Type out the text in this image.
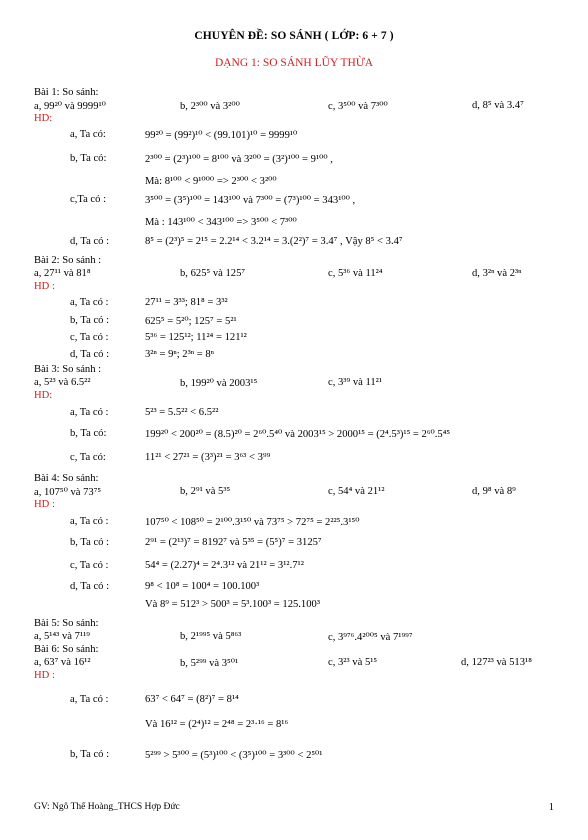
CHUYÊN ĐỀ: SO SÁNH ( LỚP: 6 + 7 )
DẠNG 1: SO SÁNH LŨY THỪA
Bài 1: So sánh:
a, 99²⁰ và 9999¹⁰	b, 2³⁰⁰ và 3²⁰⁰	c, 3⁵⁰⁰ và 7³⁰⁰	d, 8⁵ và 3.4⁷
HD:
a, Ta có:	99²⁰ = (99²)¹⁰ < (99.101)¹⁰ = 9999¹⁰
b, Ta có:	2³⁰⁰ = (2³)¹⁰⁰ = 8¹⁰⁰ và 3²⁰⁰ = (3²)¹⁰⁰ = 9¹⁰⁰ ,
Mà: 8¹⁰⁰ < 9¹⁰⁰⁰ => 2³⁰⁰ < 3²⁰⁰
c,Ta có :	3⁵⁰⁰ = (3⁵)¹⁰⁰ = 143¹⁰⁰ và 7³⁰⁰ = (7³)¹⁰⁰ = 343¹⁰⁰ ,
Mà : 143¹⁰⁰ < 343¹⁰⁰ => 3⁵⁰⁰ < 7³⁰⁰
d, Ta có :	8⁵ = (2³)⁵ = 2¹⁵ = 2.2¹⁴ < 3.2¹⁴ = 3.(2²)⁷ = 3.4⁷ , Vậy 8⁵ < 3.4⁷
Bài 2: So sánh :
a, 27¹¹ và 81⁸	b, 625⁵ và 125⁷	c, 5³⁶ và 11²⁴	d, 3²ⁿ và 2³ⁿ
HD :
a, Ta có :	27¹¹ = 3³³; 81⁸ = 3³²
b, Ta có :	625⁵ = 5²⁰; 125⁷ = 5²¹
c, Ta có :	5³⁶ = 125¹²; 11²⁴ = 121¹²
d, Ta có :	3²ⁿ = 9ⁿ; 2³ⁿ = 8ⁿ
Bài 3: So sánh :
a, 5²³ và 6.5²²	b, 199²⁰ và 2003¹⁵	c, 3³⁹ và 11²¹
HD:
a, Ta có :	5²³ = 5.5²² < 6.5²²
b, Ta có:	199²⁰ < 200²⁰ = (8.5)²⁰ = 2⁶⁰.5⁴⁰ và 2003¹⁵ > 2000¹⁵ = (2⁴.5³)¹⁵ = 2⁶⁰.5⁴⁵
c, Ta có:	11²¹ < 27²¹ = (3³)²¹ = 3⁶³ < 3⁹⁹
Bài 4: So sánh:
a, 107⁵⁰ và 73⁷⁵	b, 2⁹¹ và 5³⁵	c, 54⁴ và 21¹²	d, 9⁸ và 8⁹
HD :
a, Ta có :	107⁵⁰ < 108⁵⁰ = 2¹⁰⁰.3¹⁵⁰ và 73⁷⁵ > 72⁷⁵ = 2²²⁵.3¹⁵⁰
b, Ta có :	2⁹¹ = (2¹³)⁷ = 8192⁷ và 5³⁵ = (5⁵)⁷ = 3125⁷
c, Ta có :	54⁴ = (2.27)⁴ = 2⁴.3¹² và 21¹² = 3¹².7¹²
d, Ta có :	9⁸ < 10⁸ = 100⁴ = 100.100³
Và 8⁹ = 512³ > 500³ = 5³.100³ = 125.100³
Bài 5: So sánh:
a, 5¹⁴³ và 7¹¹⁹	b, 2¹⁹⁹⁵ và 5⁸⁶³	c, 3⁹⁷⁶.4²⁰⁰⁵ và 7¹⁹⁹⁷
Bài 6: So sánh:
a, 63⁷ và 16¹²	b, 5²⁹⁹ và 3⁵⁰¹	c, 3²³ và 5¹⁵	d, 127²³ và 513¹⁸
HD :
a, Ta có :	63⁷ < 64⁷ = (8²)⁷ = 8¹⁴
Và 16¹² = (2⁴)¹² = 2⁴⁸ = 2³·¹⁶ = 8¹⁶
b, Ta có :	5²⁹⁹ > 5³⁰⁰ = (5³)¹⁰⁰ < (3⁵)¹⁰⁰ = 3³⁰⁰ < 2⁵⁰¹
GV: Ngô Thế Hoàng_THCS Hợp Đức	1
